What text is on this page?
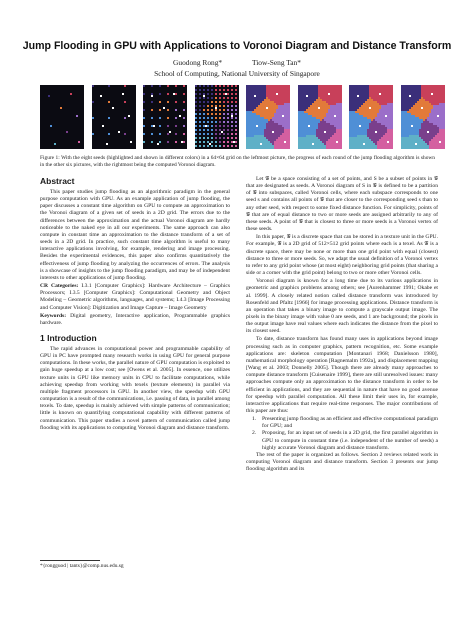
Jump Flooding in GPU with Applications to Voronoi Diagram and Distance Transform
Guodong Rong*	Tiow-Seng Tan*
School of Computing, National University of Singapore
Figure 1: With the eight seeds (highlighted and shown in different colors) in a 64×64 grid on the leftmost picture, the progress of each round of the jump flooding algorithm is shown in the other six pictures, with the rightmost being the computed Voronoi diagram.
Abstract

This paper studies jump flooding as an algorithmic paradigm in the general purpose computation with GPU. As an example application of jump flooding, the paper discusses a constant time algorithm on GPU to compute an approximation to the Voronoi diagram of a given set of seeds in a 2D grid. The errors due to the differences between the approximation and the actual Voronoi diagram are hardly noticeable to the naked eye in all our experiments. The same approach can also compute in constant time an approximation to the distance transform of a set of seeds in a 2D grid. In practice, such constant time algorithm is useful to many interactive applications involving, for example, rendering and image processing. Besides the experimental evidences, this paper also confirms quantitatively the effectiveness of jump flooding by analyzing the occurrences of errors. The analysis is a showcase of insights to the jump flooding paradigm, and may be of independent interests to other applications of jump flooding.

CR Categories: I.3.1 [Computer Graphics]: Hardware Architecture – Graphics Processors; I.3.5 [Computer Graphics]: Computational Geometry and Object Modeling – Geometric algorithms, languages, and systems; I.4.3 [Image Processing and Computer Vision]: Digitization and Image Capture – Image Geometry

Keywords: Digital geometry, Interactive application, Programmable graphics hardware.

1 Introduction

The rapid advances in computational power and programmable capability of GPU in PC have prompted many research works in using GPU for general purpose computations. In these works, the parallel nature of GPU computation is exploited to gain huge speedup at a low cost; see [Owens et al. 2005]. In essence, one utilizes texture units in GPU like memory units in CPU to facilitate computations, while achieving speedup from working with texels (texture elements) in parallel via multiple fragment processors in GPU. In another view, the speedup with GPU computation is a result of the communications, i.e. passing of data, in parallel among texels. To date, speedup is mainly achieved with simple patterns of communication; little is known on quantifying computational capability with different patterns of communication. This paper studies a novel pattern of communication called jump flooding with its applications to computing Voronoi diagram and distance transform.

*{rongguod | tants}@comp.nus.edu.sg

Let 𝒢 be a space consisting of a set of points, and S be a subset of points in 𝒢 that are designated as seeds. A Voronoi diagram of S in 𝒢 is defined to be a partition of 𝒢 into subspaces, called Voronoi cells, where each subspace corresponds to one seed s and contains all points of 𝒢 that are closer to the corresponding seed s than to any other seed, with respect to some fixed distance function. For simplicity, points of 𝒢 that are of equal distance to two or more seeds are assigned arbitrarily to any of these seeds. A point of 𝒢 that is closest to three or more seeds is a Voronoi vertex of these seeds.

In this paper, 𝒢 is a discrete space that can be stored in a texture unit in the GPU. For example, 𝒢 is a 2D grid of 512×512 grid points where each is a texel. As 𝒢 is a discrete space, there may be none or more than one grid point with equal (closest) distance to three or more seeds. So, we adapt the usual definition of a Voronoi vertex to refer to any grid point whose (at most eight) neighboring grid points (that sharing a side or a corner with the grid point) belong to two or more other Voronoi cells.

Voronoi diagram is known for a long time due to its various applications in geometric and graphics problems among others; see [Aurenhammer 1991; Okabe et al. 1999]. A closely related notion called distance transform was introduced by Rosenfeld and Pfaltz [1966] for image processing applications. Distance transform is an operation that takes a binary image to compute a grayscale output image. The pixels in the binary image with value 0 are seeds, and 1 are background; the pixels in the output image have real values where each indicates the distance from the pixel to its closest seed.

To date, distance transform has found many uses in applications beyond image processing such as in computer graphics, pattern recognition, etc. Some example applications are: skeleton computation [Montanari 1968; Danielsson 1980], mathematical morphology operation [Ragnemalm 1992a], and displacement mapping [Wang et al. 2003; Donnelly 2005]. Though there are already many approaches to compute distance transform [Cuisenaire 1999], there are still unresolved issues: many approaches compute only an approximation to the distance transform in order to be efficient in applications, and they are sequential in nature that have no good avenue for speedup with parallel computation. All these limit their uses in, for example, interactive applications that require real-time responses. The major contributions of this paper are thus:

1. Presenting jump flooding as an efficient and effective computational paradigm for GPU; and
2. Proposing, for an input set of seeds in a 2D grid, the first parallel algorithm in GPU to compute in constant time (i.e. independent of the number of seeds) a highly accurate Voronoi diagram and distance transform.

The rest of the paper is organized as follows. Section 2 reviews related work in computing Voronoi diagram and distance transform. Section 3 presents our jump flooding algorithm and its
